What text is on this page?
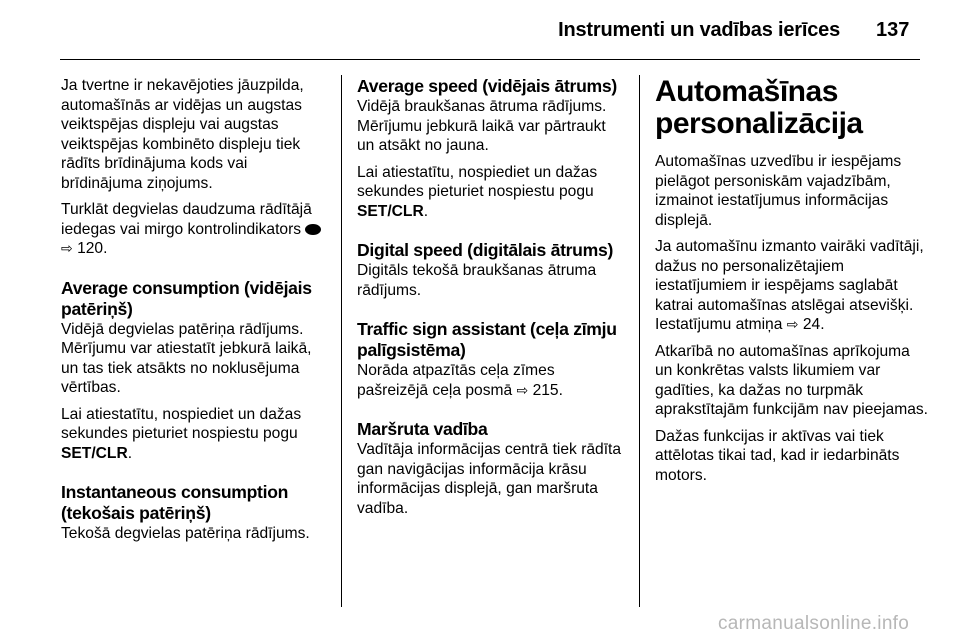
Instrumenti un vadības ierīces 137

Ja tvertne ir nekavējoties jāuzpilda, automašīnās ar vidējas un augstas veiktspējas displeju vai augstas veiktspējas kombinēto displeju tiek rādīts brīdinājuma kods vai brīdinājuma ziņojums.

Turklāt degvielas daudzuma rādītājā iedegas vai mirgo kontrolindikators  ⇨ 120.

Average consumption (vidējais patēriņš)

Vidējā degvielas patēriņa rādījums. Mērījumu var atiestatīt jebkurā laikā, un tas tiek atsākts no noklusējuma vērtības.

Lai atiestatītu, nospiediet un dažas sekundes pieturiet nospiestu pogu SET/CLR.

Instantaneous consumption (tekošais patēriņš)

Tekošā degvielas patēriņa rādījums.

Average speed (vidējais ātrums)

Vidējā braukšanas ātruma rādījums. Mērījumu jebkurā laikā var pārtraukt un atsākt no jauna.

Lai atiestatītu, nospiediet un dažas sekundes pieturiet nospiestu pogu SET/CLR.

Digital speed (digitālais ātrums)

Digitāls tekošā braukšanas ātruma rādījums.

Traffic sign assistant (ceļa zīmju palīgsistēma)

Norāda atpazītās ceļa zīmes pašreizējā ceļa posmā ⇨ 215.

Maršruta vadība

Vadītāja informācijas centrā tiek rādīta gan navigācijas informācija krāsu informācijas displejā, gan maršruta vadība.

Automašīnas personalizācija

Automašīnas uzvedību ir iespējams pielāgot personiskām vajadzībām, izmainot iestatījumus informācijas displejā.

Ja automašīnu izmanto vairāki vadītāji, dažus no personalizētajiem iestatījumiem ir iespējams saglabāt katrai automašīnas atslēgai atsevišķi. Iestatījumu atmiņa ⇨ 24.

Atkarībā no automašīnas aprīkojuma un konkrētas valsts likumiem var gadīties, ka dažas no turpmāk aprakstītajām funkcijām nav pieejamas.

Dažas funkcijas ir aktīvas vai tiek attēlotas tikai tad, kad ir iedarbināts motors.

carmanualsonline.info
